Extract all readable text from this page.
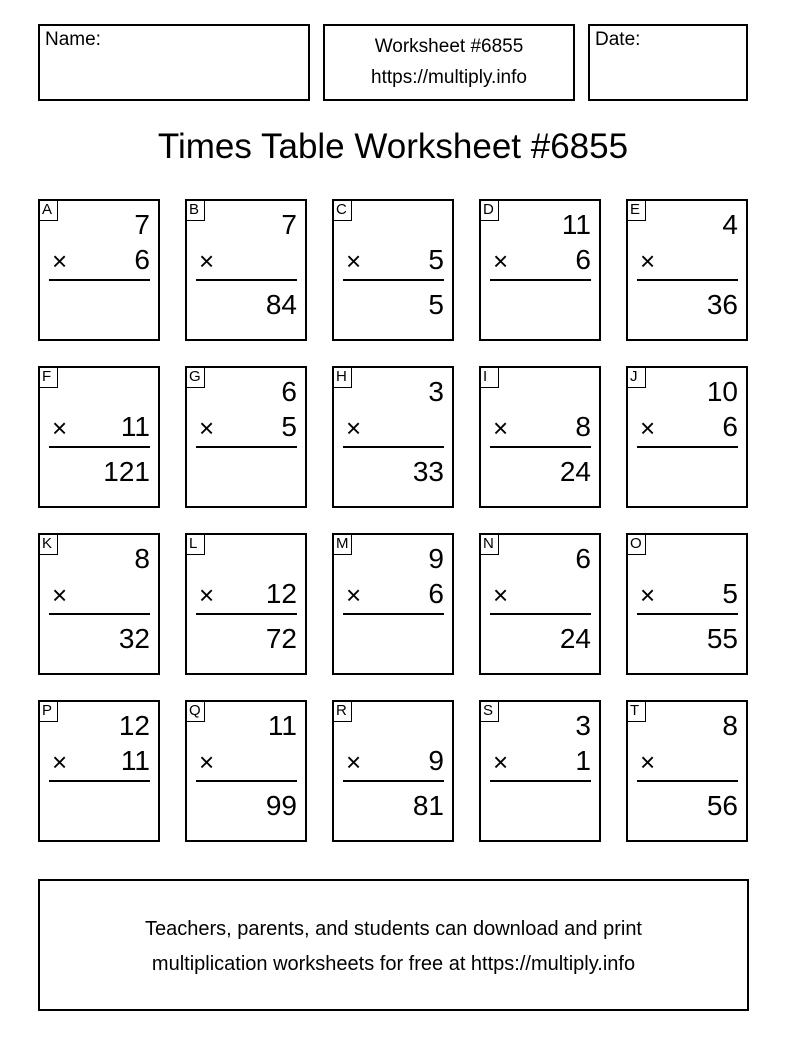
Name:	Worksheet #6855
https://multiply.info
Date:
Times Table Worksheet #6855
A	7
× 6
B	7
×
84
C
× 5
5
D 11
× 6
E	4
×
36
F
× 11
121
G	6
× 5
H	3
×
33
I
× 8
24
J	10
× 6
K	8
×
32
L
× 12
72
M	9
× 6
N	6
×
24
O
× 5
55
P 12
× 11
Q 11
×
99
R
× 9
81
S	3
× 1
T	8
×
56
Teachers, parents, and students can download and print
multiplication worksheets for free at https://multiply.info
